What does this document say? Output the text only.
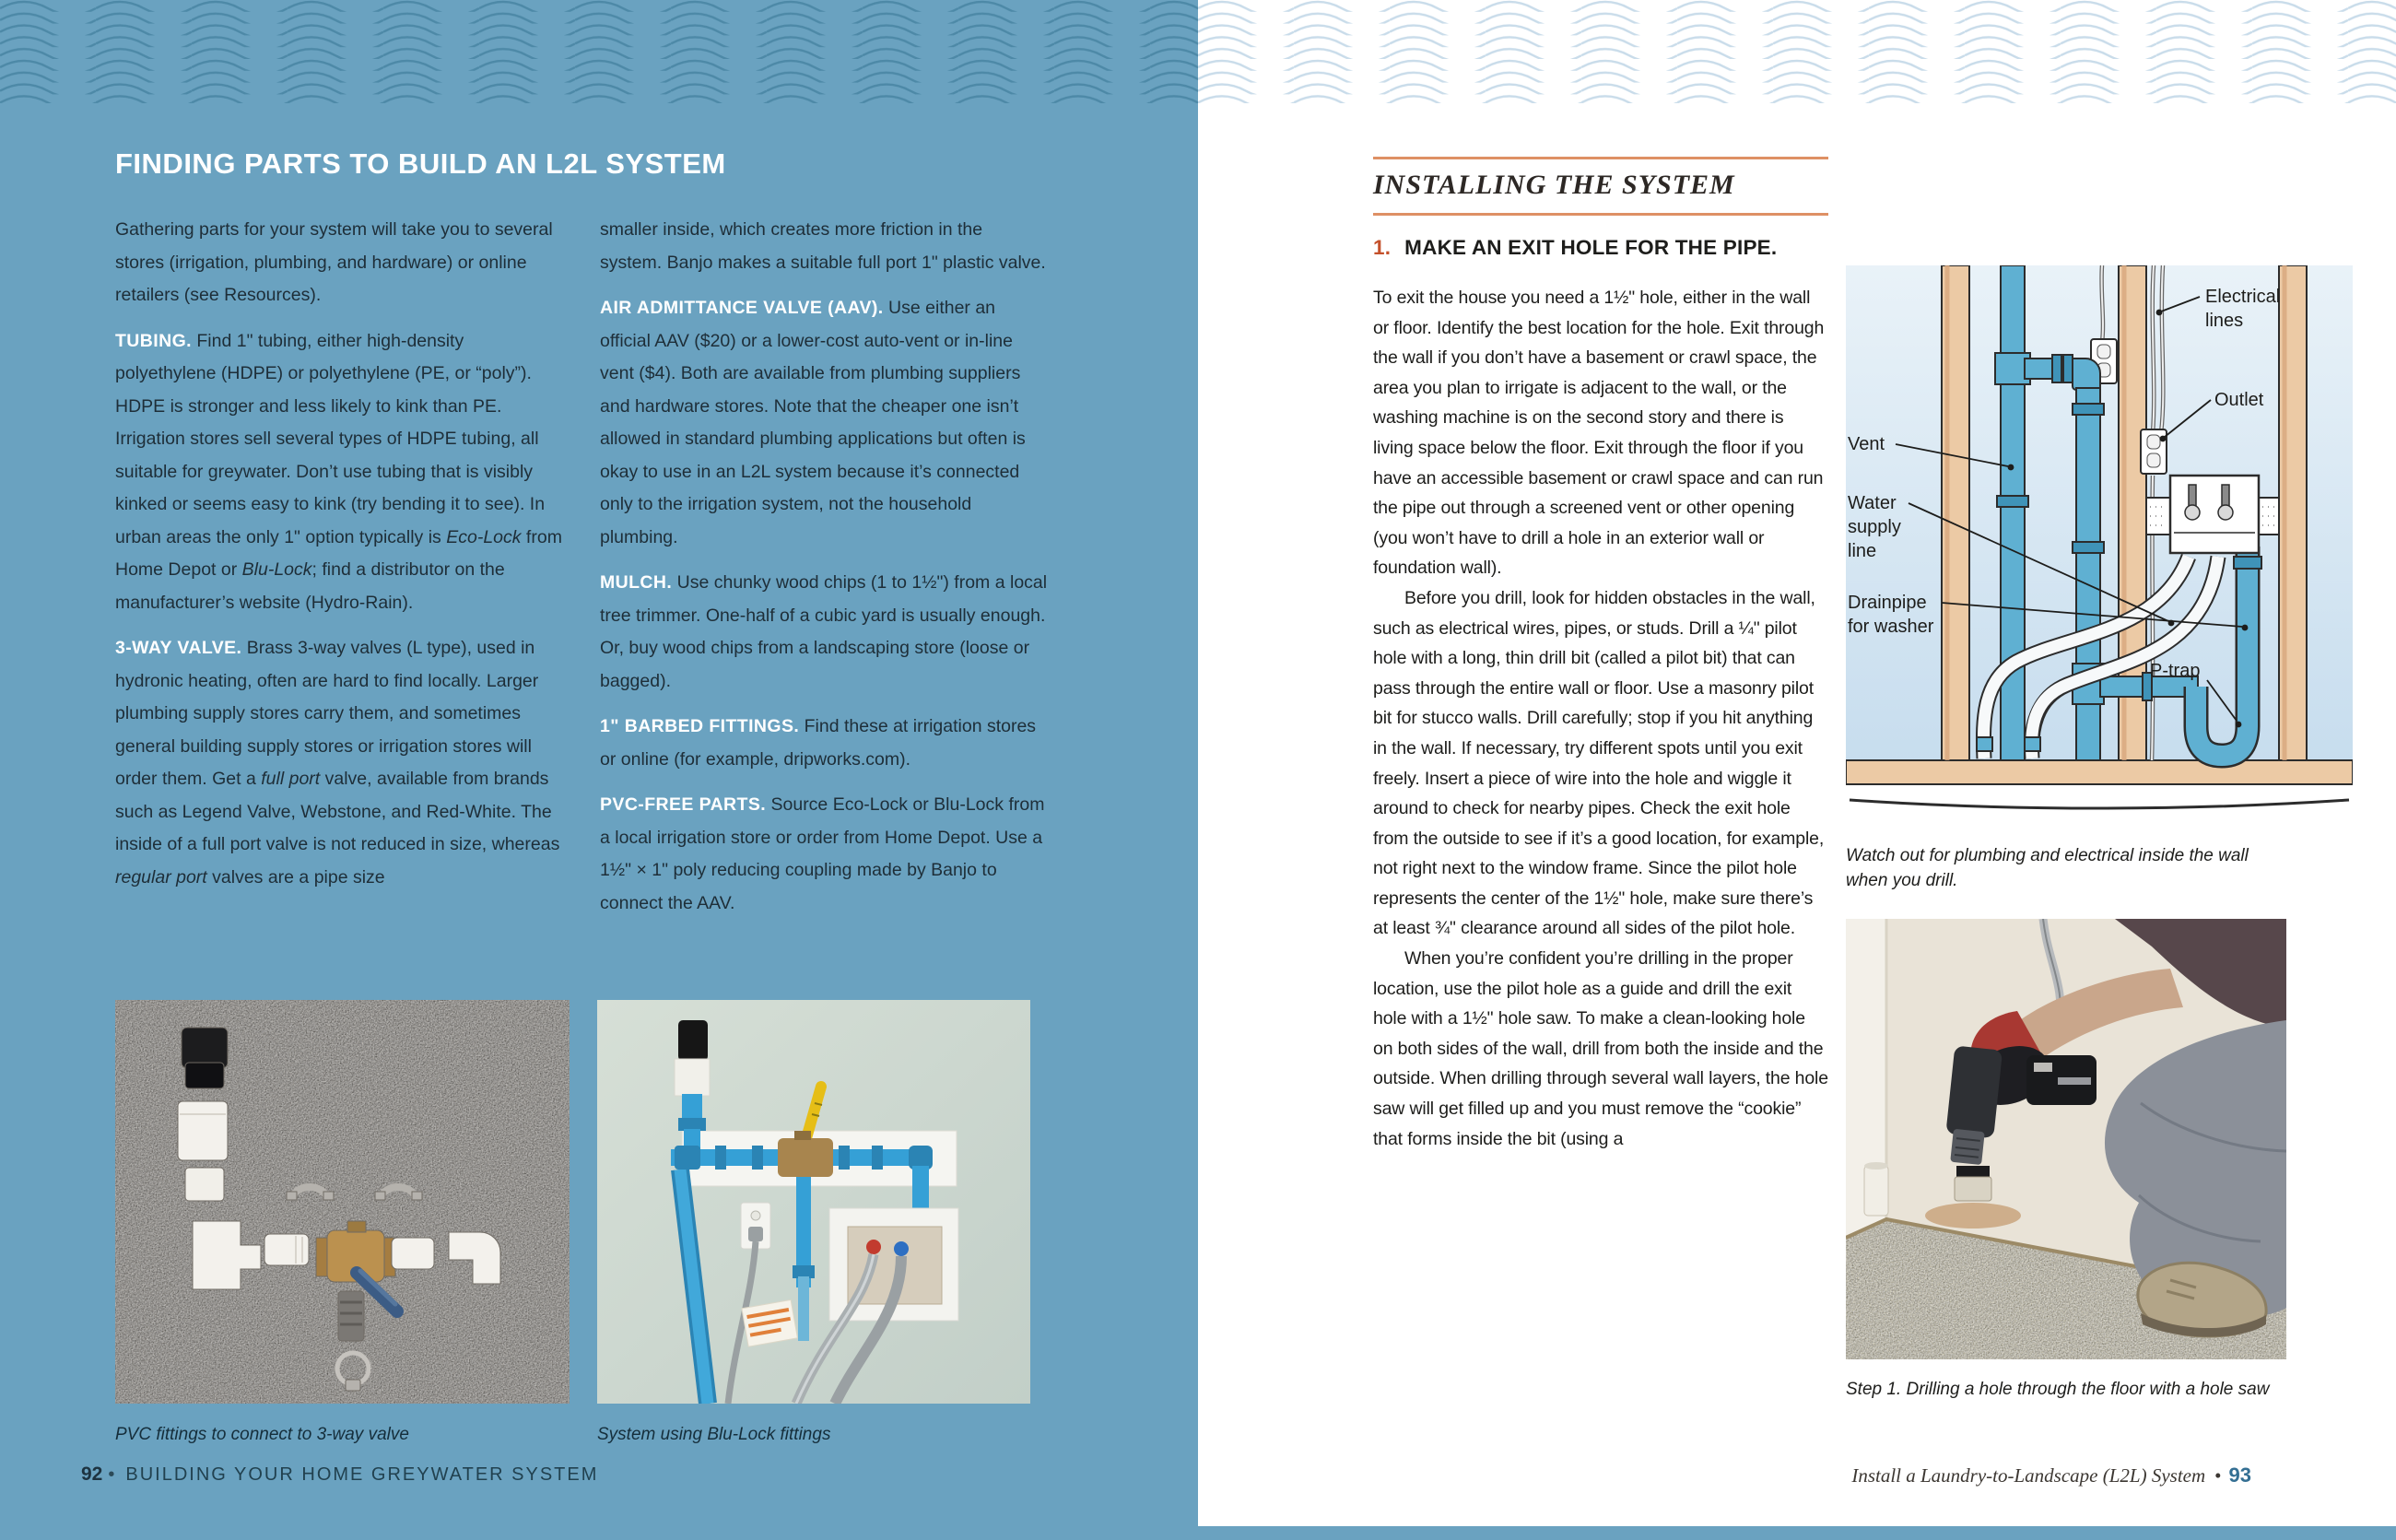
FINDING PARTS TO BUILD AN L2L SYSTEM

Gathering parts for your system will take you to several stores (irrigation, plumbing, and hardware) or online retailers (see Resources).

TUBING. Find 1" tubing, either high-density polyethylene (HDPE) or polyethylene (PE, or “poly”). HDPE is stronger and less likely to kink than PE. Irrigation stores sell several types of HDPE tubing, all suitable for greywater. Don’t use tubing that is visibly kinked or seems easy to kink (try bending it to see). In urban areas the only 1" option typically is Eco-Lock from Home Depot or Blu-Lock; find a distributor on the manufacturer’s website (Hydro-Rain).

3-WAY VALVE. Brass 3-way valves (L type), used in hydronic heating, often are hard to find locally. Larger plumbing supply stores carry them, and sometimes general building supply stores or irrigation stores will order them. Get a full port valve, available from brands such as Legend Valve, Webstone, and Red-White. The inside of a full port valve is not reduced in size, whereas regular port valves are a pipe size

smaller inside, which creates more friction in the system. Banjo makes a suitable full port 1" plastic valve.

AIR ADMITTANCE VALVE (AAV). Use either an official AAV ($20) or a lower-cost auto-vent or in-line vent ($4). Both are available from plumbing suppliers and hardware stores. Note that the cheaper one isn’t allowed in standard plumbing applications but often is okay to use in an L2L system because it’s connected only to the irrigation system, not the household plumbing.

MULCH. Use chunky wood chips (1 to 1½") from a local tree trimmer. One-half of a cubic yard is usually enough. Or, buy wood chips from a landscaping store (loose or bagged).

1" BARBED FITTINGS. Find these at irrigation stores or online (for example, dripworks.com).

PVC-FREE PARTS. Source Eco-Lock or Blu-Lock from a local irrigation store or order from Home Depot. Use a 1½" × 1" poly reducing coupling made by Banjo to connect the AAV.

PVC fittings to connect to 3-way valve	System using Blu-Lock fittings
92 • BUILDING YOUR HOME GREYWATER SYSTEM
INSTALLING THE SYSTEM
1. MAKE AN EXIT HOLE FOR THE PIPE.

To exit the house you need a 1½" hole, either in the wall or floor. Identify the best location for the hole. Exit through the wall if you don’t have a basement or crawl space, the area you plan to irrigate is adjacent to the wall, or the washing machine is on the second story and there is living space below the floor. Exit through the floor if you have an accessible basement or crawl space and can run the pipe out through a screened vent or other opening (you won’t have to drill a hole in an exterior wall or foundation wall).

Before you drill, look for hidden obstacles in the wall, such as electrical wires, pipes, or studs. Drill a ¼" pilot hole with a long, thin drill bit (called a pilot bit) that can pass through the entire wall or floor. Use a masonry pilot bit for stucco walls. Drill carefully; stop if you hit anything in the wall. If necessary, try different spots until you exit freely. Insert a piece of wire into the hole and wiggle it around to check for nearby pipes. Check the exit hole from the outside to see if it’s a good location, for example, not right next to the window frame. Since the pilot hole represents the center of the 1½" hole, make sure there’s at least ¾" clearance around all sides of the pilot hole.

When you’re confident you’re drilling in the proper location, use the pilot hole as a guide and drill the exit hole with a 1½" hole saw. To make a clean-looking hole on both sides of the wall, drill from both the inside and the outside. When drilling through several wall layers, the hole saw will get filled up and you must remove the “cookie” that forms inside the bit (using a

Electrical
lines
Outlet
Vent
Water
supply
line
Drainpipe
for washer
P-trap
Watch out for plumbing and electrical inside the wall when you drill.
Step 1. Drilling a hole through the floor with a hole saw
Install a Laundry-to-Landscape (L2L) System • 93
